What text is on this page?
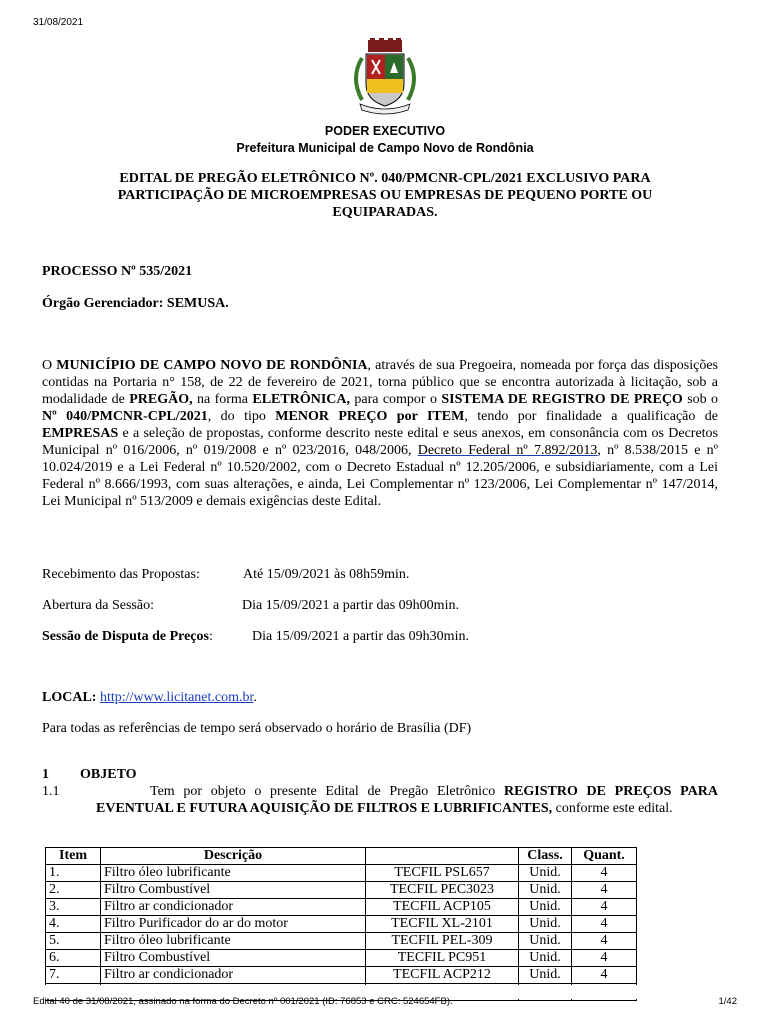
31/08/2021
PODER EXECUTIVO
Prefeitura Municipal de Campo Novo de Rondônia
EDITAL DE PREGÃO ELETRÔNICO Nº. 040/PMCNR-CPL/2021 EXCLUSIVO PARA
PARTICIPAÇÃO DE MICROEMPRESAS OU EMPRESAS DE PEQUENO PORTE OU
EQUIPARADAS.
PROCESSO Nº 535/2021
Órgão Gerenciador: SEMUSA.
O MUNICÍPIO DE CAMPO NOVO DE RONDÔNIA, através de sua Pregoeira, nomeada por força das disposições contidas na Portaria n° 158, de 22 de fevereiro de 2021, torna público que se encontra autorizada à licitação, sob a modalidade de PREGÃO, na forma ELETRÔNICA, para compor o SISTEMA DE REGISTRO DE PREÇO sob o Nº 040/PMCNR-CPL/2021, do tipo MENOR PREÇO por ITEM, tendo por finalidade a qualificação de EMPRESAS e a seleção de propostas, conforme descrito neste edital e seus anexos, em consonância com os Decretos Municipal nº 016/2006, nº 019/2008 e nº 023/2016, 048/2006, Decreto Federal nº 7.892/2013, nº 8.538/2015 e nº 10.024/2019 e a Lei Federal nº 10.520/2002, com o Decreto Estadual nº 12.205/2006, e subsidiariamente, com a Lei Federal nº 8.666/1993, com suas alterações, e ainda, Lei Complementar nº 123/2006, Lei Complementar nº 147/2014, Lei Municipal nº 513/2009 e demais exigências deste Edital.
Recebimento das Propostas:	Até 15/09/2021 às 08h59min.
Abertura da Sessão:	Dia 15/09/2021 a partir das 09h00min.
Sessão de Disputa de Preços:	Dia 15/09/2021 a partir das 09h30min.
LOCAL: http://www.licitanet.com.br.
Para todas as referências de tempo será observado o horário de Brasília (DF)
1 OBJETO
1.1	Tem por objeto o presente Edital de Pregão Eletrônico REGISTRO DE PREÇOS PARA EVENTUAL E FUTURA AQUISIÇÃO DE FILTROS E LUBRIFICANTES, conforme este edital.
Item	Descrição		Class.	Quant.
1.	Filtro óleo lubrificante	TECFIL PSL657	Unid.	4
2.	Filtro Combustível	TECFIL PEC3023	Unid.	4
3.	Filtro ar condicionador	TECFIL ACP105	Unid.	4
4.	Filtro Purificador do ar do motor	TECFIL XL-2101	Unid.	4
5.	Filtro óleo lubrificante	TECFIL PEL-309	Unid.	4
6.	Filtro Combustível	TECFIL PC951	Unid.	4
7.	Filtro ar condicionador	TECFIL ACP212	Unid.	4

Edital 40 de 31/08/2021, assinado na forma do Decreto nº 001/2021 (ID: 76853 e CRC: 524654FB).	1/42
